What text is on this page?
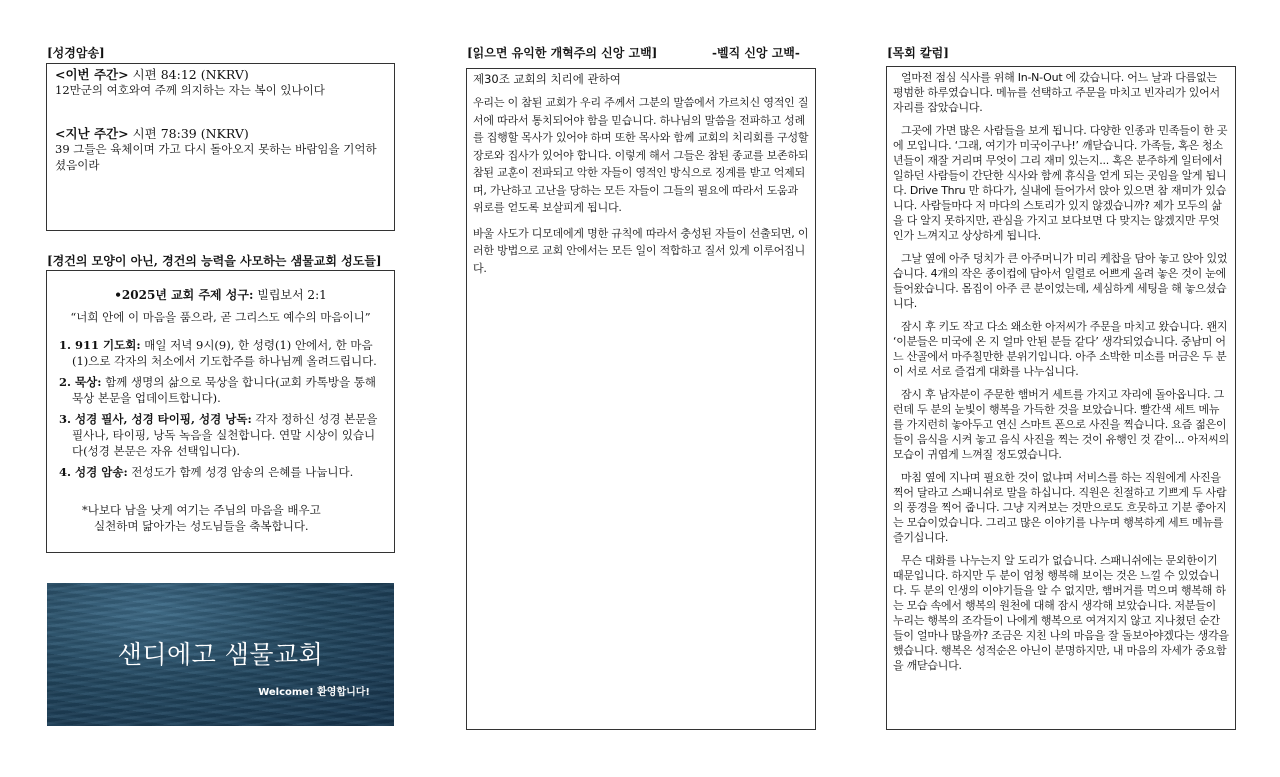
[성경암송]

<이번 주간> 시편 84:12 (NKRV)

12만군의 여호와여 주께 의지하는 자는 복이 있나이다

<지난 주간> 시편 78:39 (NKRV)

39 그들은 육체이며 가고 다시 돌아오지 못하는 바람임을 기억하셨음이라

[경건의 모양이 아닌, 경건의 능력을 사모하는 샘물교회 성도들]

•2025년 교회 주제 성구: 빌립보서 2:1

“너희 안에 이 마음을 품으라, 곧 그리스도 예수의 마음이니”

1. 911 기도회: 매일 저녁 9시(9), 한 성령(1) 안에서, 한 마음(1)으로 각자의 처소에서 기도합주를 하나님께 올려드립니다.
2. 묵상: 함께 생명의 삶으로 묵상을 합니다(교회 카톡방을 통해 묵상 본문을 업데이트합니다).
3. 성경 필사, 성경 타이핑, 성경 낭독: 각자 정하신 성경 본문을 필사나, 타이핑, 낭독 녹음을 실천합니다. 연말 시상이 있습니다(성경 본문은 자유 선택입니다).
4. 성경 암송: 전성도가 함께 성경 암송의 은혜를 나눕니다.

*나보다 남을 낫게 여기는 주님의 마음을 배우고
실천하며 닮아가는 성도님들을 축복합니다.

샌디에고 샘물교회
Welcome! 환영합니다!
[읽으면 유익한 개혁주의 신앙 고백]	-벨직 신앙 고백-

제30조 교회의 치리에 관하여

우리는 이 참된 교회가 우리 주께서 그분의 말씀에서 가르치신 영적인 질서에 따라서 통치되어야 함을 믿습니다. 하나님의 말씀을 전파하고 성례를 집행할 목사가 있어야 하며 또한 목사와 함께 교회의 치리회를 구성할 장로와 집사가 있어야 합니다. 이렇게 해서 그들은 참된 종교를 보존하되 참된 교훈이 전파되고 악한 자들이 영적인 방식으로 징계를 받고 억제되며, 가난하고 고난을 당하는 모든 자들이 그들의 필요에 따라서 도움과 위로를 얻도록 보살피게 됩니다.

바울 사도가 디모데에게 명한 규칙에 따라서 충성된 자들이 선출되면, 이러한 방법으로 교회 안에서는 모든 일이 적합하고 질서 있게 이루어집니다.

[목회 칼럼]

얼마전 점심 식사를 위해 In-N-Out 에 갔습니다. 어느 날과 다름없는 평범한 하루였습니다. 메뉴를 선택하고 주문을 마치고 빈자리가 있어서 자리를 잡았습니다.

그곳에 가면 많은 사람들을 보게 됩니다. 다양한 인종과 민족들이 한 곳에 모입니다. ‘그래, 여기가 미국이구나!’ 깨닫습니다. 가족들, 혹은 청소년들이 재잘 거리며 무엇이 그리 재미 있는지... 혹은 분주하게 일터에서 일하던 사람들이 간단한 식사와 함께 휴식을 얻게 되는 곳임을 알게 됩니다. Drive Thru 만 하다가, 실내에 들어가서 앉아 있으면 참 재미가 있습니다. 사람들마다 저 마다의 스토리가 있지 않겠습니까? 제가 모두의 삶을 다 알지 못하지만, 관심을 가지고 보다보면 다 맞지는 않겠지만 무엇인가 느껴지고 상상하게 됩니다.

그날 옆에 아주 덩치가 큰 아주머니가 미리 케찹을 담아 놓고 앉아 있었습니다. 4개의 작은 종이컵에 담아서 일렬로 어쁘게 올려 놓은 것이 눈에 들어왔습니다. 몸집이 아주 큰 분이었는데, 세심하게 세팅을 해 놓으셨습니다.

잠시 후 키도 작고 다소 왜소한 아저씨가 주문을 마치고 왔습니다. 왠지 ‘이분들은 미국에 온 지 얼마 안된 분들 같다’ 생각되었습니다. 중남미 어느 산골에서 마주칠만한 분위기입니다. 아주 소박한 미소를 머금은 두 분이 서로 서로 즐겁게 대화를 나누십니다.

잠시 후 남자분이 주문한 햄버거 세트를 가지고 자리에 돌아옵니다. 그런데 두 분의 눈빛이 행복을 가득한 것을 보았습니다. 빨간색 세트 메뉴를 가지런히 놓아두고 연신 스마트 폰으로 사진을 찍습니다. 요즘 젊은이들이 음식을 시켜 놓고 음식 사진을 찍는 것이 유행인 것 같이... 아저씨의 모습이 귀엽게 느껴질 정도였습니다.

마침 옆에 지나며 필요한 것이 없냐며 서비스를 하는 직원에게 사진을 찍어 달라고 스패니쉬로 말을 하십니다. 직원은 친절하고 기쁘게 두 사람의 풍경을 찍어 줍니다. 그냥 지켜보는 것만으로도 흐뭇하고 기분 좋아지는 모습이었습니다. 그리고 많은 이야기를 나누며 행복하게 세트 메뉴를 즐기십니다.

무슨 대화를 나누는지 알 도리가 없습니다. 스패니쉬에는 문외한이기 때문입니다. 하지만 두 분이 엄청 행복해 보이는 것은 느낄 수 있었습니다. 두 분의 인생의 이야기들을 알 수 없지만, 햄버거를 먹으며 행복해 하는 모습 속에서 행복의 원천에 대해 잠시 생각해 보았습니다. 저분들이 누리는 행복의 조각들이 나에게 행복으로 여겨지지 않고 지나쳤던 순간들이 얼마나 많을까? 조금은 지친 나의 마음을 잘 돌보아야겠다는 생각을 했습니다. 행복은 성적순은 아닌이 분명하지만, 내 마음의 자세가 중요함을 깨닫습니다.
